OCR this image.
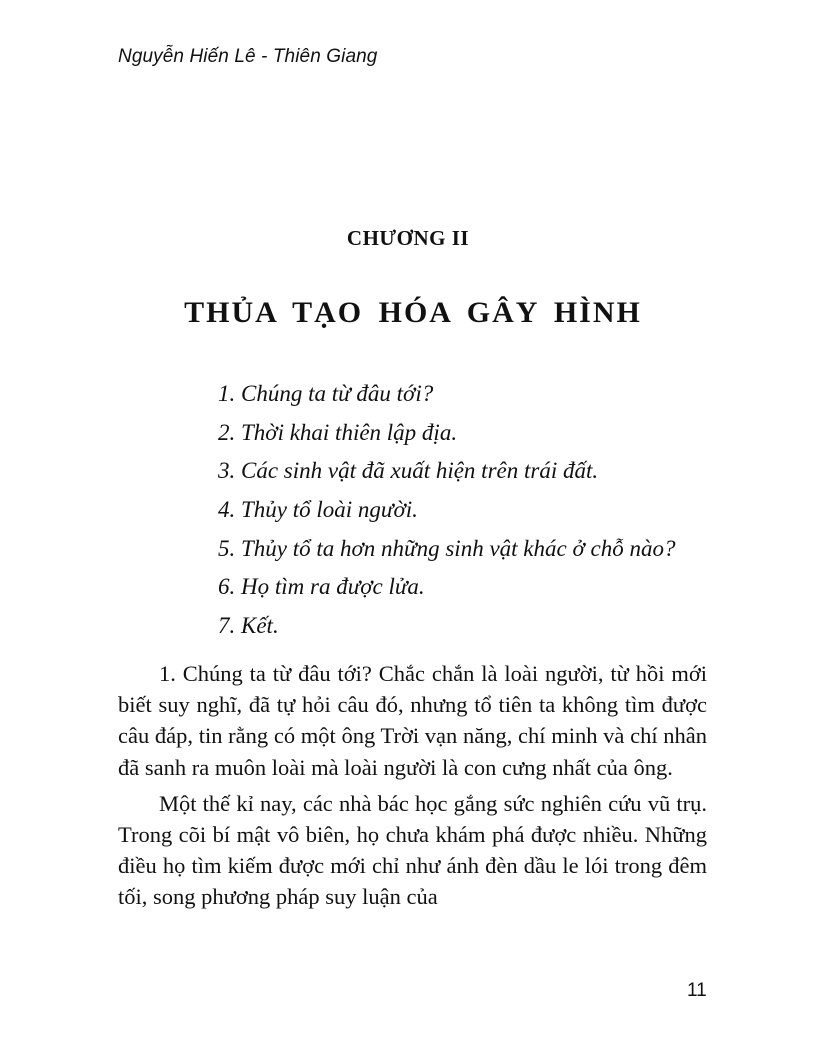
Nguyễn Hiến Lê - Thiên Giang
CHƯƠNG II
THỦA TẠO HÓA GÂY HÌNH
1. Chúng ta từ đâu tới?
2. Thời khai thiên lập địa.
3. Các sinh vật đã xuất hiện trên trái đất.
4. Thủy tổ loài người.
5. Thủy tổ ta hơn những sinh vật khác ở chỗ nào?
6. Họ tìm ra được lửa.
7. Kết.

1. Chúng ta từ đâu tới? Chắc chắn là loài người, từ hồi mới biết suy nghĩ, đã tự hỏi câu đó, nhưng tổ tiên ta không tìm được câu đáp, tin rằng có một ông Trời vạn năng, chí minh và chí nhân đã sanh ra muôn loài mà loài người là con cưng nhất của ông.

Một thế kỉ nay, các nhà bác học gắng sức nghiên cứu vũ trụ. Trong cõi bí mật vô biên, họ chưa khám phá được nhiều. Những điều họ tìm kiếm được mới chỉ như ánh đèn dầu le lói trong đêm tối, song phương pháp suy luận của

11
